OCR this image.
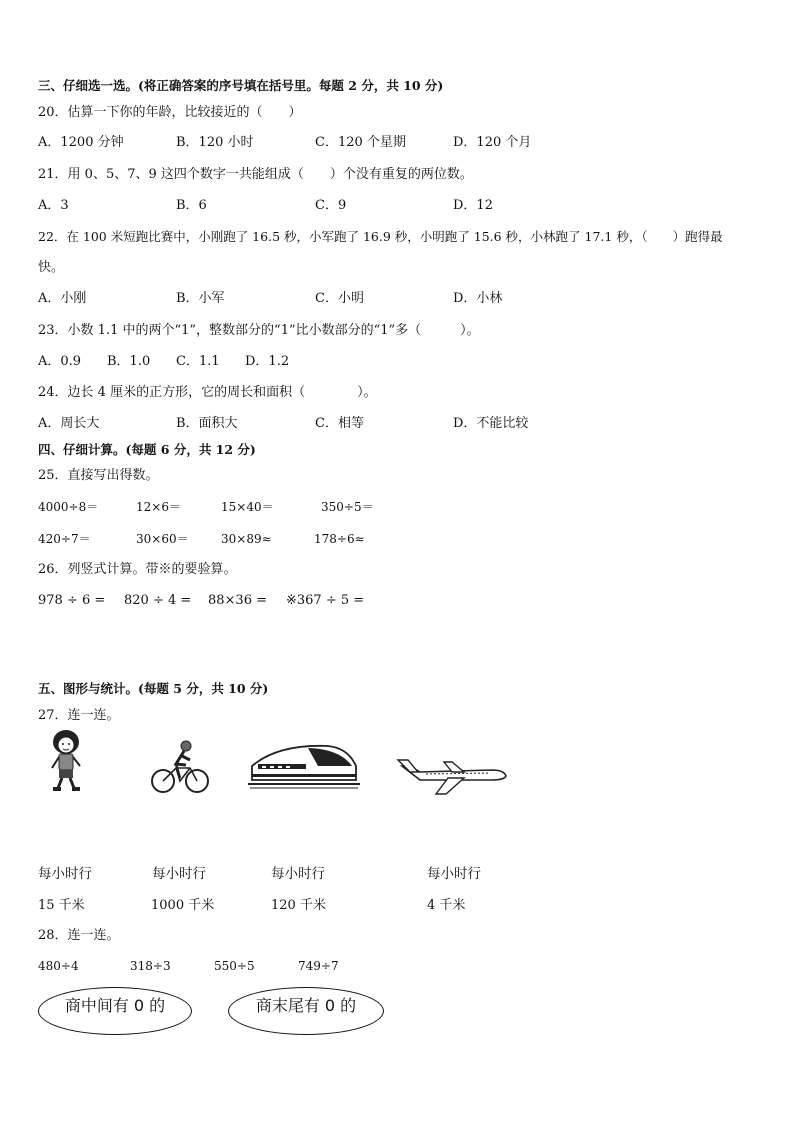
三、仔细选一选。(将正确答案的序号填在括号里。每题 2 分，共 10 分)
20．估算一下你的年龄，比较接近的（　　）
A．1200 分钟	B．120 小时	C．120 个星期	D．120 个月
21．用 0、5、7、9 这四个数字一共能组成（　　）个没有重复的两位数。
A．3	B．6	C．9	D．12
22．在 100 米短跑比赛中，小刚跑了 16.5 秒，小军跑了 16.9 秒，小明跑了 15.6 秒，小林跑了 17.1 秒，（　　）跑得最
快。
A．小刚	B．小军	C．小明	D．小林
23．小数 1.1 中的两个“1”，整数部分的“1”比小数部分的“1”多（　　　）。
A．0.9 B．1.0 C．1.1 D．1.2
24．边长 4 厘米的正方形，它的周长和面积（　　　　）。
A．周长大	B．面积大	C．相等	D．不能比较
四、仔细计算。(每题 6 分，共 12 分)
25．直接写出得数。
4000÷8＝	12×6＝	15×40＝	350÷5＝
420÷7＝	30×60＝	30×89≈	178÷6≈
26．列竖式计算。带※的要验算。
978 ÷ 6 = 820 ÷ 4 = 88×36 = ※367 ÷ 5 =
五、图形与统计。(每题 5 分，共 10 分)
27．连一连。
每小时行	每小时行	每小时行	每小时行
15 千米	1000 千米	120 千米	4 千米
28．连一连。
480÷4	318÷3	550÷5	749÷7
商中间有 0 的	商末尾有 0 的
